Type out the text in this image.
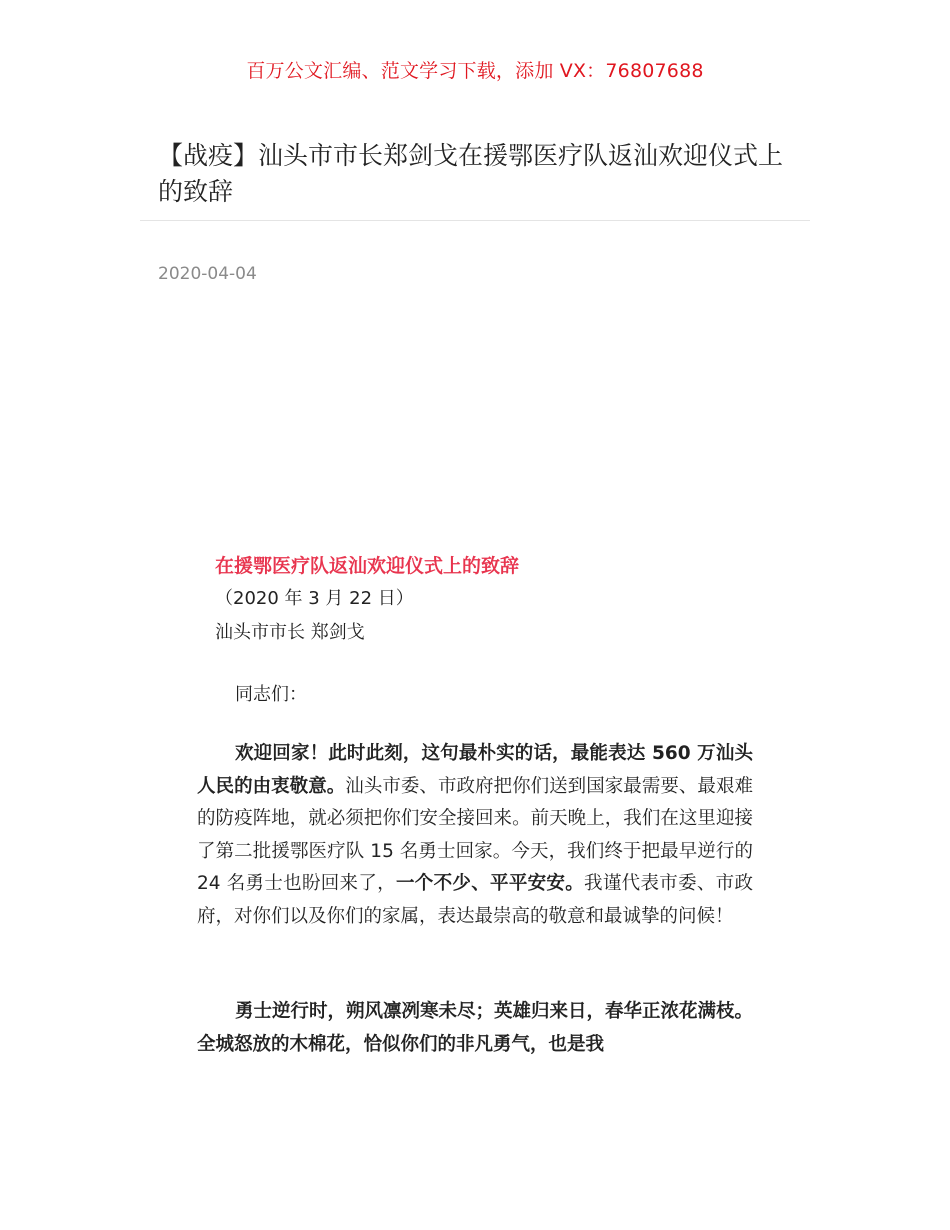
百万公文汇编、范文学习下载，添加 VX：76807688
【战疫】汕头市市长郑剑戈在援鄂医疗队返汕欢迎仪式上的致辞
2020-04-04
在援鄂医疗队返汕欢迎仪式上的致辞
（2020 年 3 月 22 日）
汕头市市长 郑剑戈
同志们：

欢迎回家！此时此刻，这句最朴实的话，最能表达 560 万汕头人民的由衷敬意。汕头市委、市政府把你们送到国家最需要、最艰难的防疫阵地，就必须把你们安全接回来。前天晚上，我们在这里迎接了第二批援鄂医疗队 15 名勇士回家。今天，我们终于把最早逆行的 24 名勇士也盼回来了，一个不少、平平安安。我谨代表市委、市政府，对你们以及你们的家属，表达最崇高的敬意和最诚挚的问候！

勇士逆行时，朔风凛冽寒未尽；英雄归来日，春华正浓花满枝。全城怒放的木棉花，恰似你们的非凡勇气，也是我
